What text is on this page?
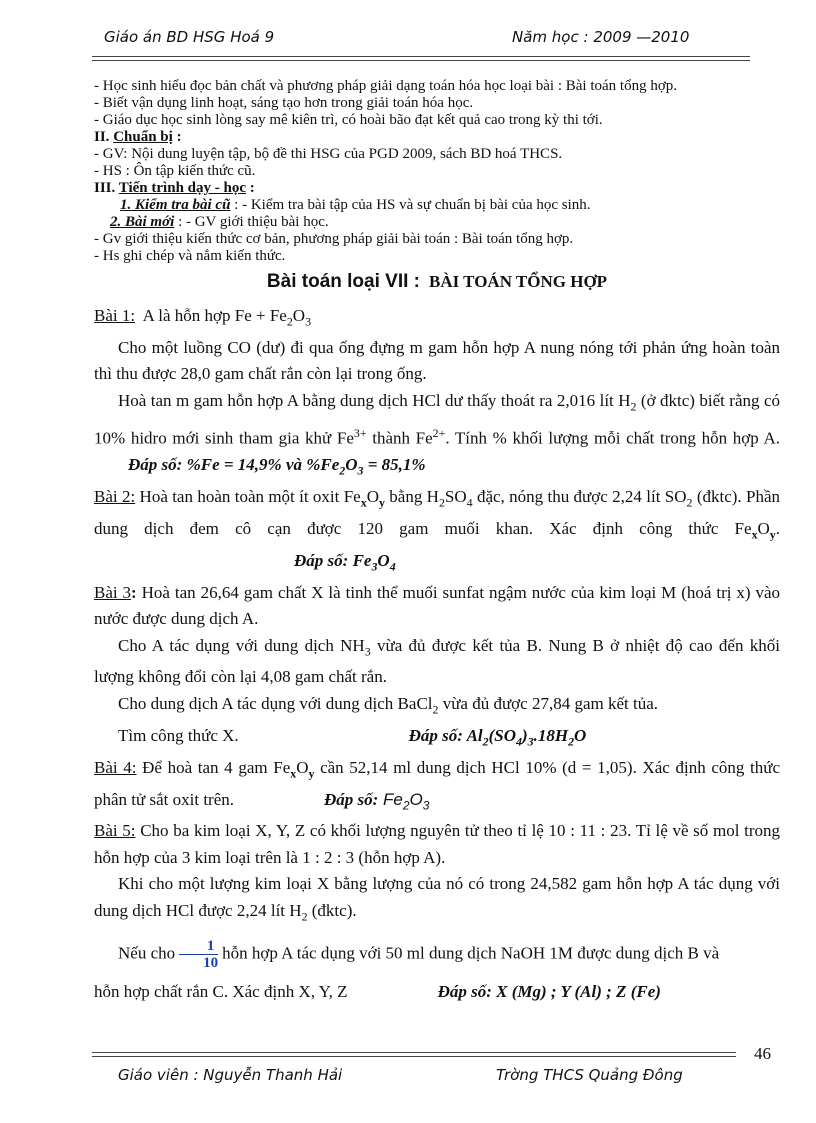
Giáo án BD HSG Hoá 9	Năm học : 2009 —2010

- Học sinh hiểu đọc bản chất và phương pháp giải dạng toán hóa học loại bài : Bài toán tổng hợp.

- Biết vận dụng linh hoạt, sáng tạo hơn trong giải toán hóa học.

- Giáo dục học sinh lòng say mê kiên trì, có hoài bão đạt kết quả cao trong kỳ thi tới.

II. Chuẩn bị :

- GV: Nội dung luyện tập, bộ đề thi HSG của PGD 2009, sách BD hoá THCS.

- HS : Ôn tập kiến thức cũ.

III. Tiến trình dạy - học :

1. Kiểm tra bài cũ : - Kiểm tra bài tập của HS và sự chuẩn bị bài của học sinh.

2. Bài mới : - GV giới thiệu bài học.

- Gv giới thiệu kiến thức cơ bản, phương pháp giải bài toán : Bài toán tổng hợp.

- Hs ghi chép và nắm kiến thức.

Bài toán loại VII : BÀI TOÁN TỔNG HỢP

Bài 1: A là hỗn hợp $Fe + Fe_2O_3$

Cho một luồng CO (dư) đi qua ống đựng m gam hỗn hợp A nung nóng tới phản ứng hoàn toàn thì thu được 28,0 gam chất rắn còn lại trong ống.

Hoà tan m gam hỗn hợp A bằng dung dịch HCl dư thấy thoát ra 2,016 lít $H_2$ (ở đktc) biết rằng có 10% hidro mới sinh tham gia khử $Fe^{3+}$ thành $Fe^{2+}$. Tính % khối lượng mỗi chất trong hỗn hợp A.Đáp số: %Fe = 14,9% và $\%Fe_2O_3 = 85,1\%$

Bài 2: Hoà tan hoàn toàn một ít oxit $Fe_xO_y$ bằng $H_2SO_4$ đặc, nóng thu được 2,24 lít $SO_2$ (đktc). Phần dung dịch đem cô cạn được 120 gam muối khan. Xác định công thức $Fe_xO_y.Đáp$ số: $Fe_3O_4$

Bài 3: Hoà tan 26,64 gam chất X là tinh thể muối sunfat ngậm nước của kim loại M (hoá trị x) vào nước được dung dịch A.

Cho A tác dụng với dung dịch $NH_3$ vừa đủ được kết tủa B. Nung B ở nhiệt độ cao đến khối lượng không đổi còn lại 4,08 gam chất rắn.

Cho dung dịch A tác dụng với dung dịch BaCl$_2$ vừa đủ được 27,84 gam kết tủa.

Tìm công thức X.	Đáp số: $Al_2(SO_4)_3.18H_2O$

Bài 4: Để hoà tan 4 gam $Fe_xO_y$ cần 52,14 ml dung dịch HCl 10% (d = 1,05). Xác định công thức phân tử sắt oxit trên.	Đáp số: $Fe_2O_3$

Bài 5: Cho ba kim loại X, Y, Z có khối lượng nguyên tử theo tỉ lệ 10 : 11 : 23. Tỉ lệ về số mol trong hỗn hợp của 3 kim loại trên là 1 : 2 : 3 (hỗn hợp A).

Khi cho một lượng kim loại X bằng lượng của nó có trong 24,582 gam hỗn hợp A tác dụng với dung dịch HCl được 2,24 lít $H_2$ (đktc).

Nếu cho $\frac{1}{10}$ hỗn hợp A tác dụng với 50 ml dung dịch NaOH 1M được dung dịch B và

hỗn hợp chất rắn C. Xác định X, Y, Z	Đáp số: X (Mg) ; Y (Al) ; Z (Fe)

46
Giáo viên : Nguyễn Thanh Hải	Trờng THCS Quảng Đông
